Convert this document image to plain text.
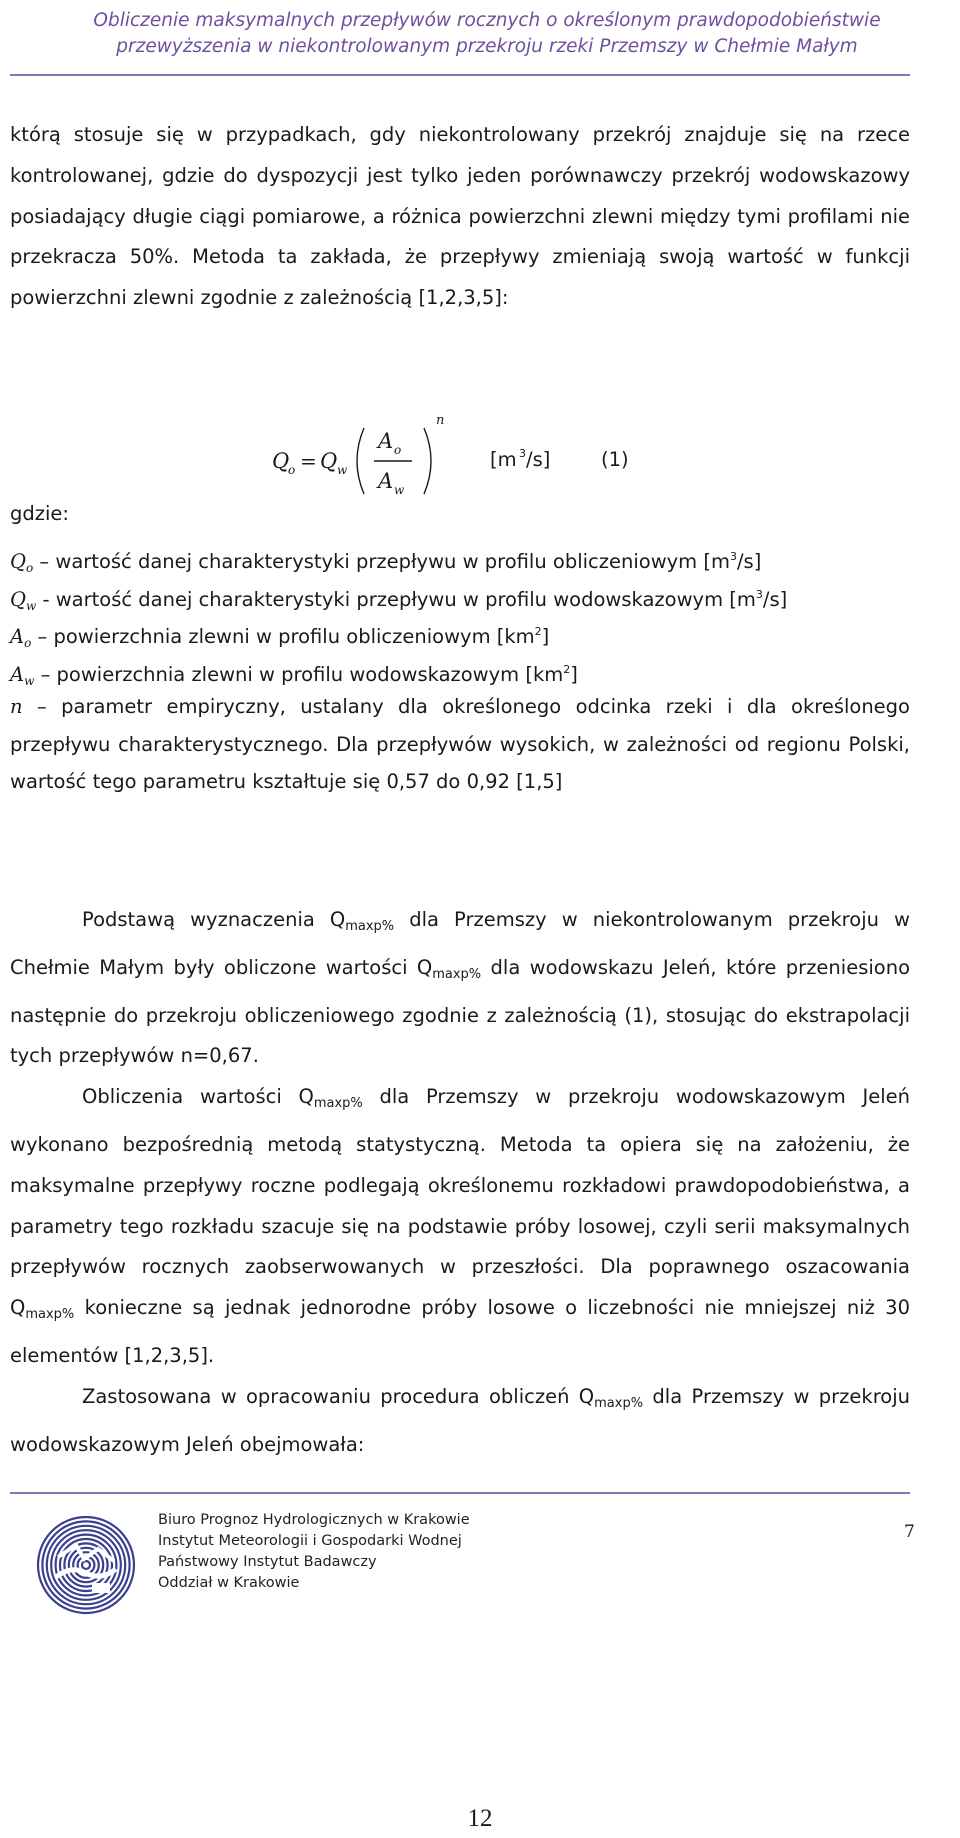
Obliczenie maksymalnych przepływów rocznych o określonym prawdopodobieństwie
przewyższenia w niekontrolowanym przekroju rzeki Przemszy w Chełmie Małym

którą stosuje się w przypadkach, gdy niekontrolowany przekrój znajduje się na rzece kontrolowanej, gdzie do dyspozycji jest tylko jeden porównawczy przekrój wodowskazowy posiadający długie ciągi pomiarowe, a różnica powierzchni zlewni między tymi profilami nie przekracza 50%. Metoda ta zakłada, że przepływy zmieniają swoją wartość w funkcji powierzchni zlewni zgodnie z zależnością [1,2,3,5]:

Q
o = Q w
A o
A w
n
[m 3 /s]	(1)
gdzie:
$Q_o$ – wartość danej charakterystyki przepływu w profilu obliczeniowym $[m^3/s]$
$Q_w$ - wartość danej charakterystyki przepływu w profilu wodowskazowym $[m^3/s]$
$A_o$ – powierzchnia zlewni w profilu obliczeniowym $[km^2]$
$A_w$ – powierzchnia zlewni w profilu wodowskazowym $[km^2]$
n – parametr empiryczny, ustalany dla określonego odcinka rzeki i dla określonego przepływu charakterystycznego. Dla przepływów wysokich, w zależności od regionu Polski, wartość tego parametru kształtuje się 0,57 do 0,92 [1,5]
Podstawą wyznaczenia $Q_{maxp\%}$ dla Przemszy w niekontrolowanym przekroju w Chełmie Małym były obliczone wartości $Q_{maxp\%}$ dla wodowskazu Jeleń, które przeniesiono następnie do przekroju obliczeniowego zgodnie z zależnością (1), stosując do ekstrapolacji tych przepływów n=0,67.
Obliczenia wartości $Q_{maxp\%}$ dla Przemszy w przekroju wodowskazowym Jeleń wykonano bezpośrednią metodą statystyczną. Metoda ta opiera się na założeniu, że maksymalne przepływy roczne podlegają określonemu rozkładowi prawdopodobieństwa, a parametry tego rozkładu szacuje się na podstawie próby losowej, czyli serii maksymalnych przepływów rocznych zaobserwowanych w przeszłości. Dla poprawnego oszacowania $Q_{maxp\%}$ konieczne są jednak jednorodne próby losowe o liczebności nie mniejszej niż 30 elementów [1,2,3,5].
Zastosowana w opracowaniu procedura obliczeń $Q_{maxp\%}$ dla Przemszy w przekroju wodowskazowym Jeleń obejmowała:
Biuro Prognoz Hydrologicznych w Krakowie
Instytut Meteorologii i Gospodarki Wodnej
Państwowy Instytut Badawczy
Oddział w Krakowie
7
12
